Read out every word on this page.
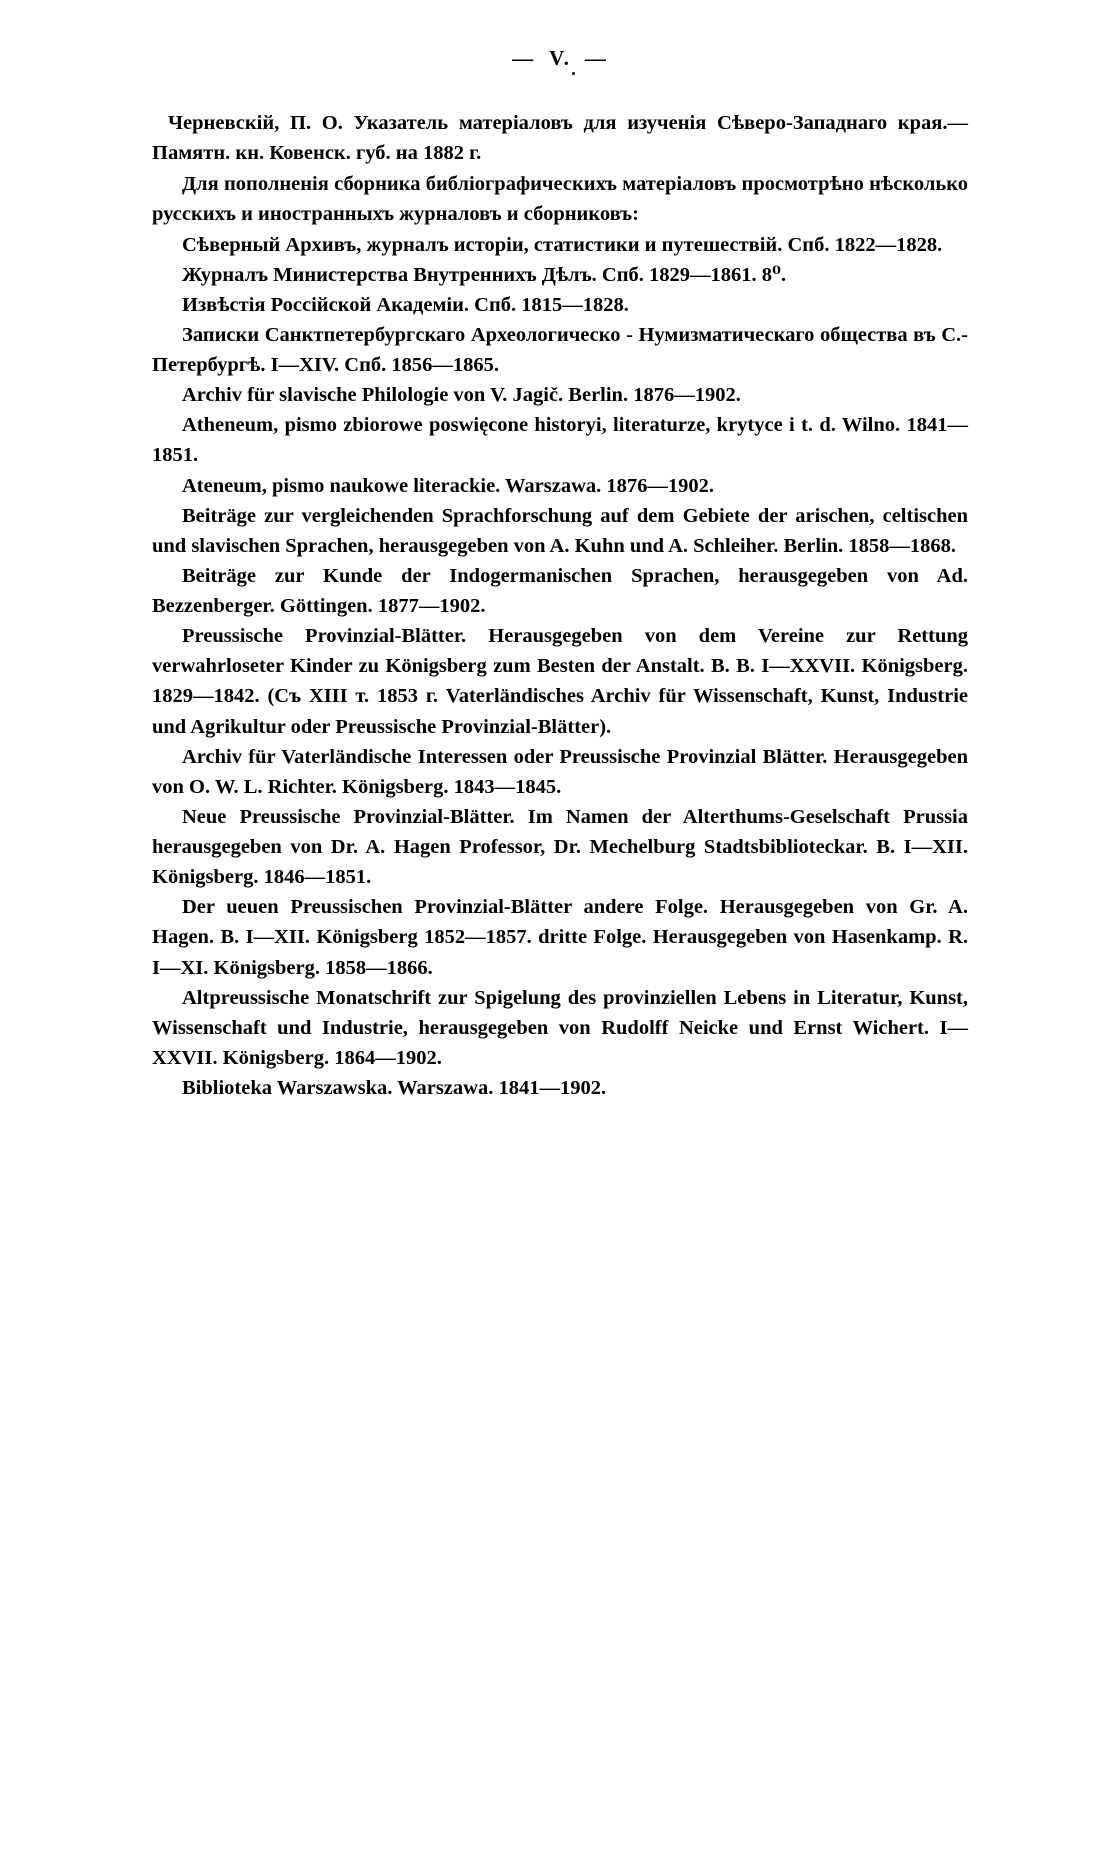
— V. —

Черневскій, П. О. Указатель матеріаловъ для изученія Сѣверо-Западнаго края.—Памятн. кн. Ковенск. губ. на 1882 г.

Для пополненія сборника библіографическихъ матеріаловъ просмотрѣно нѣсколько русскихъ и иностранныхъ журналовъ и сборниковъ:

Сѣверный Архивъ, журналъ исторіи, статистики и путешествій. Спб. 1822—1828.

Журналъ Министерства Внутреннихъ Дѣлъ. Спб. 1829—1861. 8⁰.

Извѣстія Россійской Академіи. Спб. 1815—1828.

Записки Санктпетербургскаго Археологическо - Нумизматическаго общества въ С.-Петербургѣ. I—XIV. Спб. 1856—1865.

Archiv für slavische Philologie von V. Jagič. Berlin. 1876—1902.

Atheneum, pismo zbiorowe poswięcone historyi, literaturze, krytyce i t. d. Wilno. 1841—1851.

Ateneum, pismo naukowe literackie. Warszawa. 1876—1902.

Beiträge zur vergleichenden Sprachforschung auf dem Gebiete der arischen, celtischen und slavischen Sprachen, herausgegeben von A. Kuhn und A. Schleiher. Berlin. 1858—1868.

Beiträge zur Kunde der Indogermanischen Sprachen, herausgegeben von Ad. Bezzenberger. Göttingen. 1877—1902.

Preussische Provinzial-Blätter. Herausgegeben von dem Vereine zur Rettung verwahrloseter Kinder zu Königsberg zum Besten der Anstalt. B. B. I—XXVII. Königsberg. 1829—1842. (Съ XIII т. 1853 г. Vaterländisches Archiv für Wissenschaft, Kunst, Industrie und Agrikultur oder Preussische Provinzial-Blätter).

Archiv für Vaterländische Interessen oder Preussische Provinzial Blätter. Herausgegeben von O. W. L. Richter. Königsberg. 1843—1845.

Neue Preussische Provinzial-Blätter. Im Namen der Alterthums-Geselschaft Prussia herausgegeben von Dr. A. Hagen Professor, Dr. Mechelburg Stadtsbiblioteckar. B. I—XII. Königsberg. 1846—1851.

Der ueuen Preussischen Provinzial-Blätter andere Folge. Herausgegeben von Gr. A. Hagen. B. I—XII. Königsberg 1852—1857. dritte Folge. Herausgegeben von Hasenkamp. R. I—XI. Königsberg. 1858—1866.

Altpreussische Monatschrift zur Spigelung des provinziellen Lebens in Literatur, Kunst, Wissenschaft und Industrie, herausgegeben von Rudolff Neicke und Ernst Wichert. I—XXVII. Königsberg. 1864—1902.

Biblioteka Warszawska. Warszawa. 1841—1902.
